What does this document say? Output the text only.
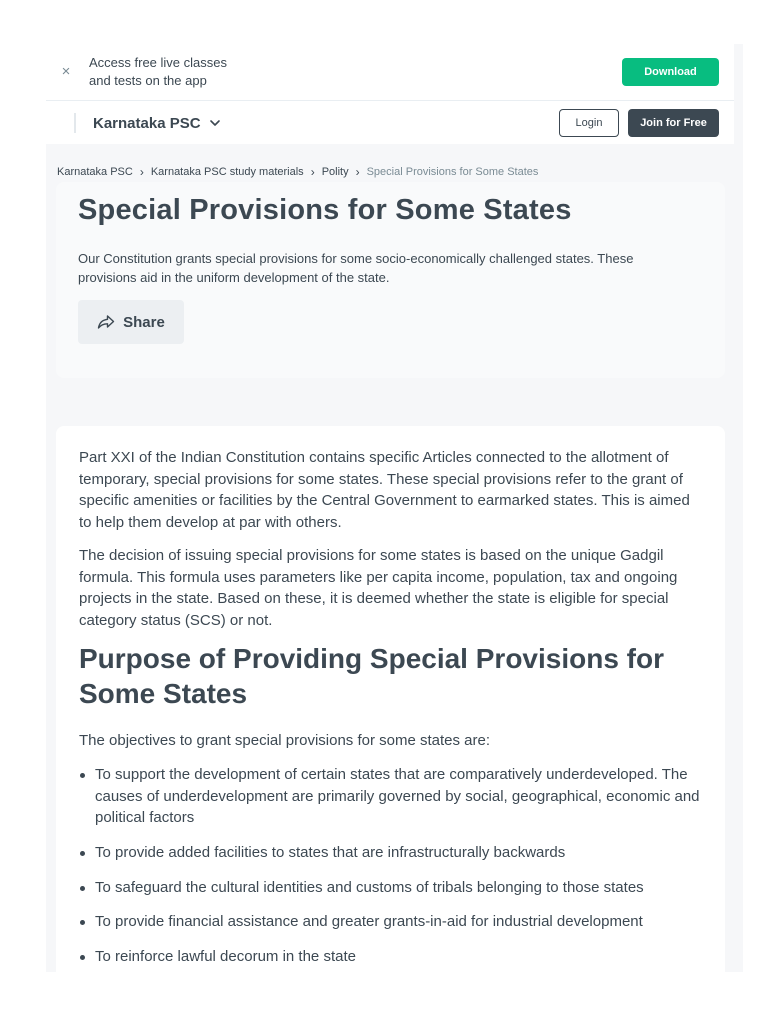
×
Access free live classes
and tests on the app
Download
Karnataka PSC	Login	Join for Free
Karnataka PSC › Karnataka PSC study materials › Polity › Special Provisions for Some States
Special Provisions for Some States
Our Constitution grants special provisions for some socio-economically challenged states. These provisions aid in the uniform development of the state.
Share

Part XXI of the Indian Constitution contains specific Articles connected to the allotment of temporary, special provisions for some states. These special provisions refer to the grant of specific amenities or facilities by the Central Government to earmarked states. This is aimed to help them develop at par with others.

The decision of issuing special provisions for some states is based on the unique Gadgil formula. This formula uses parameters like per capita income, population, tax and ongoing projects in the state. Based on these, it is deemed whether the state is eligible for special category status (SCS) or not.

Purpose of Providing Special Provisions for Some States

The objectives to grant special provisions for some states are:

To support the development of certain states that are comparatively underdeveloped. The causes of underdevelopment are primarily governed by social, geographical, economic and political factors
To provide added facilities to states that are infrastructurally backwards
To safeguard the cultural identities and customs of tribals belonging to those states
To provide financial assistance and greater grants-in-aid for industrial development
To reinforce lawful decorum in the state
